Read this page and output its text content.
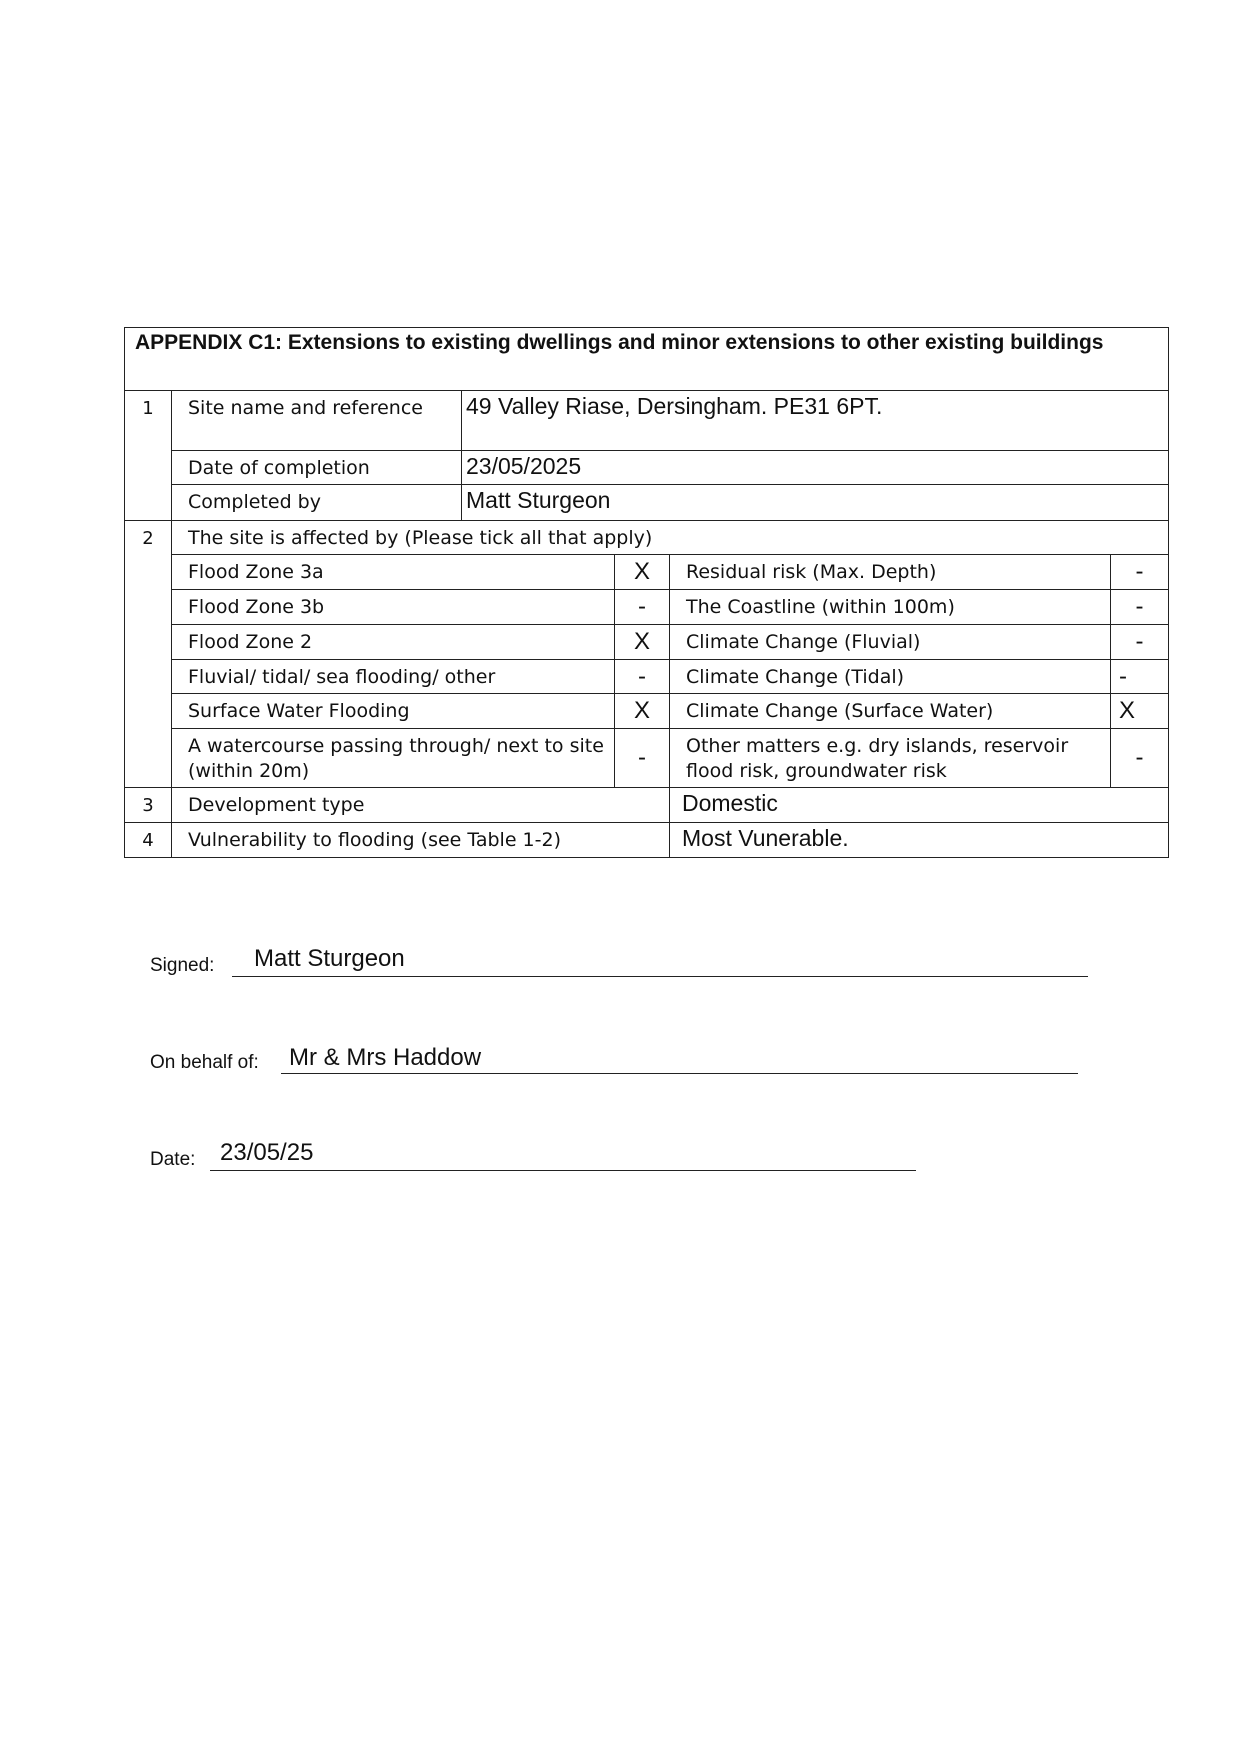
APPENDIX C1: Extensions to existing dwellings and minor extensions to other existing buildings					
1	Site name and reference	49 Valley Riase, Dersingham. PE31 6PT.			
	Date of completion	23/05/2025			
	Completed by	Matt Sturgeon			
2	The site is affected by (Please tick all that apply)				
	Flood Zone 3a		X	Residual risk (Max. Depth)	-
	Flood Zone 3b		-	The Coastline (within 100m)	-
	Flood Zone 2		X	Climate Change (Fluvial)	-
	Fluvial/ tidal/ sea flooding/ other		-	Climate Change (Tidal)	-
	Surface Water Flooding		X	Climate Change (Surface Water)	X
	A watercourse passing through/ next to site (within 20m)		-	Other matters e.g. dry islands, reservoir flood risk, groundwater risk	-
3	Development type			Domestic	
4	Vulnerability to flooding (see Table 1-2)			Most Vunerable.	
Signed: Matt Sturgeon
On behalf of: Mr & Mrs Haddow
Date: 23/05/25
